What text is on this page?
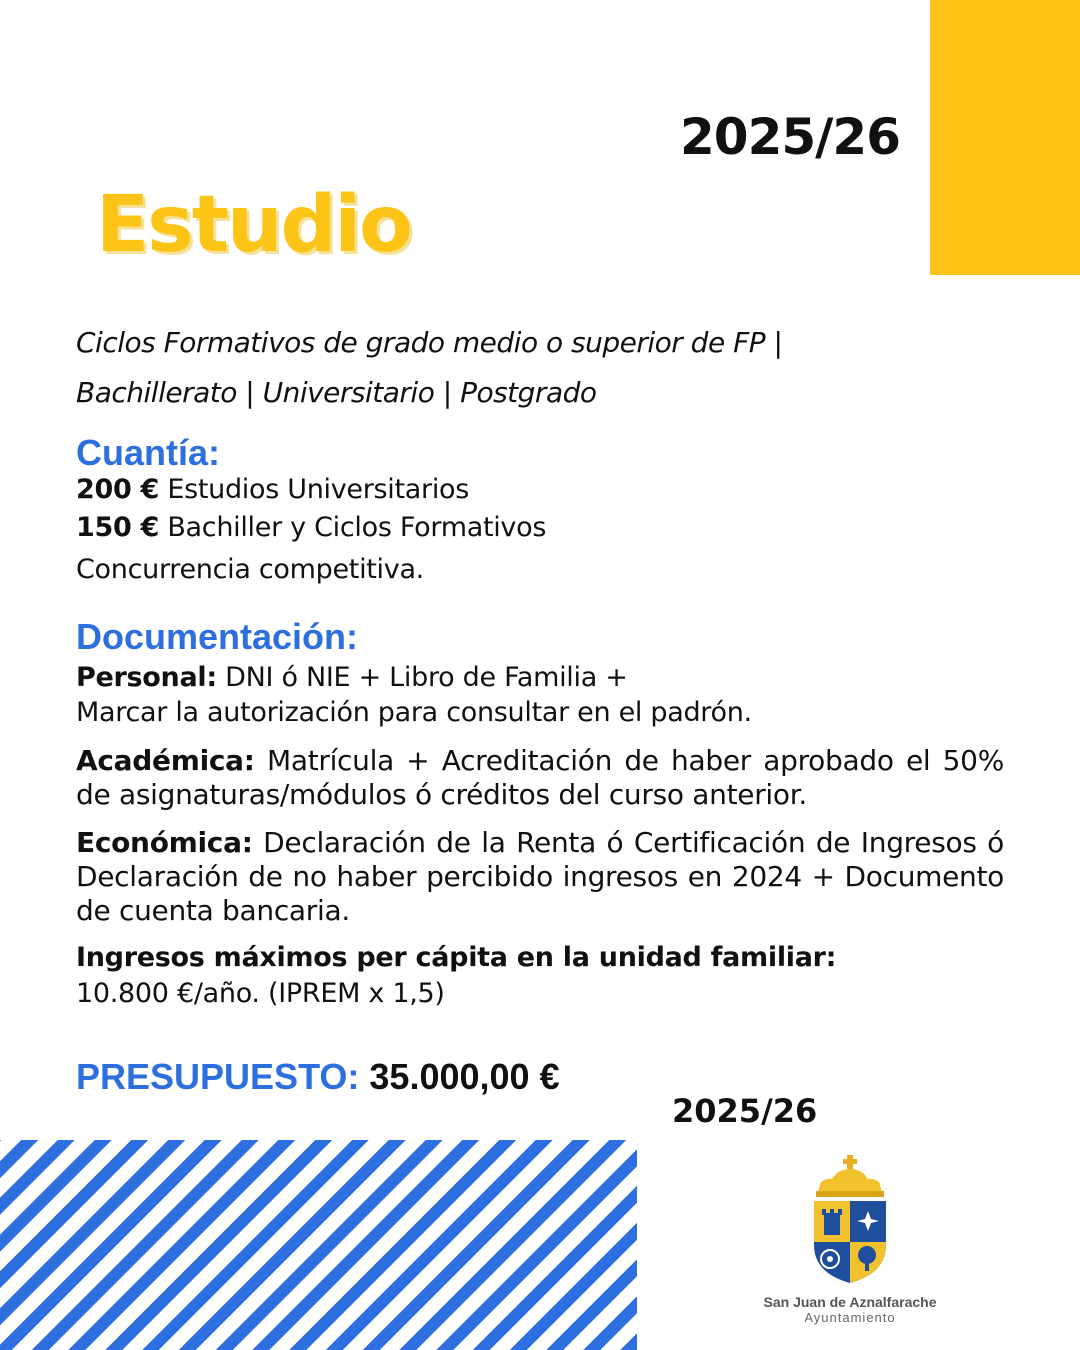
2025/26
Estudio
Ciclos Formativos de grado medio o superior de FP |
Bachillerato | Universitario | Postgrado
Cuantía:
200 € Estudios Universitarios
150 € Bachiller y Ciclos Formativos
Concurrencia competitiva.
Documentación:
Personal: DNI ó NIE + Libro de Familia +
Marcar la autorización para consultar en el padrón.
Académica: Matrícula + Acreditación de haber aprobado el 50% de asignaturas/módulos ó créditos del curso anterior.
Económica: Declaración de la Renta ó Certificación de Ingresos ó Declaración de no haber percibido ingresos en 2024 + Documento de cuenta bancaria.
Ingresos máximos per cápita en la unidad familiar:
10.800 €/año. (IPREM x 1,5)
PRESUPUESTO: 35.000,00 €
2025/26
San Juan de Aznalfarache
Ayuntamiento
